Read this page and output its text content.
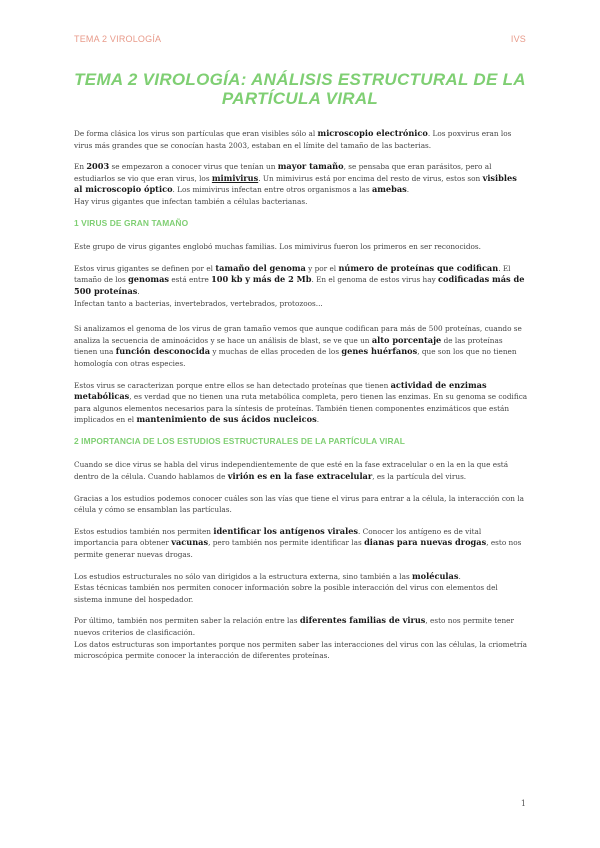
TEMA 2 VIROLOGÍA	IVS
TEMA 2 VIROLOGÍA: ANÁLISIS ESTRUCTURAL DE LA PARTÍCULA VIRAL

De forma clásica los virus son partículas que eran visibles sólo al microscopio electrónico. Los poxvirus eran los virus más grandes que se conocían hasta 2003, estaban en el límite del tamaño de las bacterias.

En 2003 se empezaron a conocer virus que tenían un mayor tamaño, se pensaba que eran parásitos, pero al estudiarlos se vio que eran virus, los mimivirus. Un mimivirus está por encima del resto de virus, estos son visibles al microscopio óptico. Los mimivirus infectan entre otros organismos a las amebas.
Hay virus gigantes que infectan también a células bacterianas.

1 VIRUS DE GRAN TAMAÑO

Este grupo de virus gigantes englobó muchas familias. Los mimivirus fueron los primeros en ser reconocidos.

Estos virus gigantes se definen por el tamaño del genoma y por el número de proteínas que codifican. El tamaño de los genomas está entre 100 kb y más de 2 Mb. En el genoma de estos virus hay codificadas más de 500 proteínas.
Infectan tanto a bacterias, invertebrados, vertebrados, protozoos...

Si analizamos el genoma de los virus de gran tamaño vemos que aunque codifican para más de 500 proteínas, cuando se analiza la secuencia de aminoácidos y se hace un análisis de blast, se ve que un alto porcentaje de las proteínas tienen una función desconocida y muchas de ellas proceden de los genes huérfanos, que son los que no tienen homología con otras especies.

Estos virus se caracterizan porque entre ellos se han detectado proteínas que tienen actividad de enzimas metabólicas, es verdad que no tienen una ruta metabólica completa, pero tienen las enzimas. En su genoma se codifica para algunos elementos necesarios para la síntesis de proteínas. También tienen componentes enzimáticos que están implicados en el mantenimiento de sus ácidos nucleicos.

2 IMPORTANCIA DE LOS ESTUDIOS ESTRUCTURALES DE LA PARTÍCULA VIRAL

Cuando se dice virus se habla del virus independientemente de que esté en la fase extracelular o en la en la que está dentro de la célula. Cuando hablamos de virión es en la fase extracelular, es la partícula del virus.

Gracias a los estudios podemos conocer cuáles son las vías que tiene el virus para entrar a la célula, la interacción con la célula y cómo se ensamblan las partículas.

Estos estudios también nos permiten identificar los antígenos virales. Conocer los antígeno es de vital importancia para obtener vacunas, pero también nos permite identificar las dianas para nuevas drogas, esto nos permite generar nuevas drogas.

Los estudios estructurales no sólo van dirigidos a la estructura externa, sino también a las moléculas.
Estas técnicas también nos permiten conocer información sobre la posible interacción del virus con elementos del sistema inmune del hospedador.

Por último, también nos permiten saber la relación entre las diferentes familias de virus, esto nos permite tener nuevos criterios de clasificación.
Los datos estructuras son importantes porque nos permiten saber las interacciones del virus con las células, la criometría microscópica permite conocer la interacción de diferentes proteínas.

1
